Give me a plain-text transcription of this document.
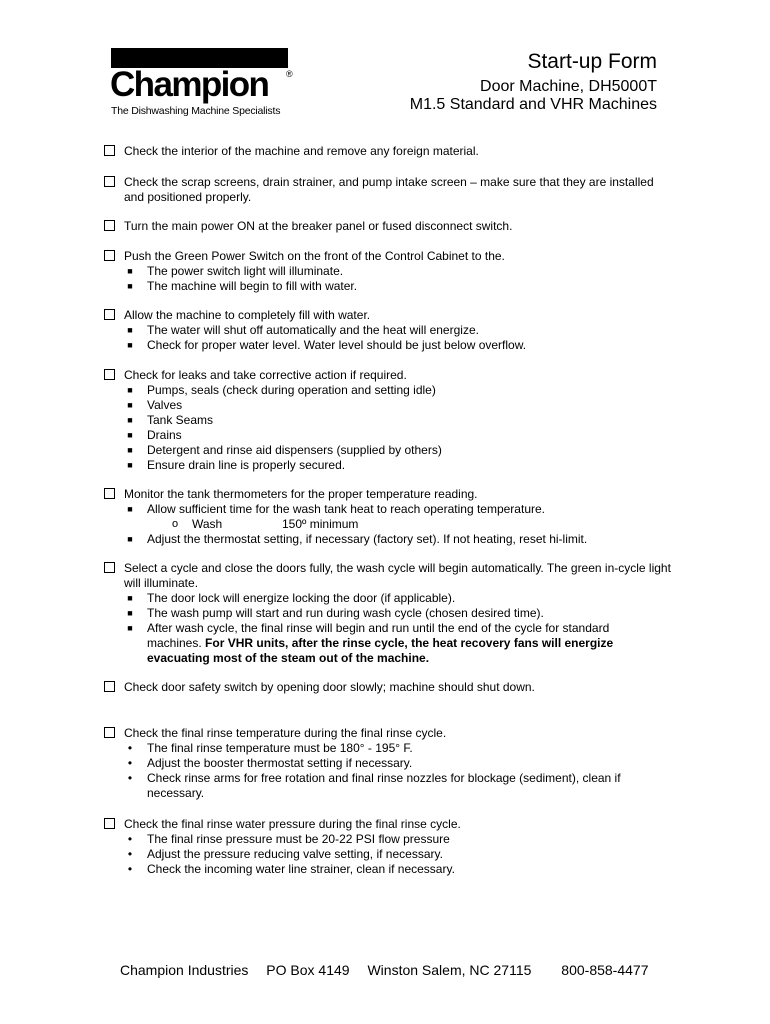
Champion ®
The Dishwashing Machine Specialists
Start-up Form
Door Machine, DH5000T
M1.5 Standard and VHR Machines
Check the interior of the machine and remove any foreign material.
Check the scrap screens, drain strainer, and pump intake screen – make sure that they are installed and positioned properly.
Turn the main power ON at the breaker panel or fused disconnect switch.
Push the Green Power Switch on the front of the Control Cabinet to the.
■ The power switch light will illuminate.
■ The machine will begin to fill with water.
Allow the machine to completely fill with water.
■ The water will shut off automatically and the heat will energize.
■ Check for proper water level. Water level should be just below overflow.
Check for leaks and take corrective action if required.
■ Pumps, seals (check during operation and setting idle)
■ Valves
■ Tank Seams
■ Drains
■ Detergent and rinse aid dispensers (supplied by others)
■ Ensure drain line is properly secured.
Monitor the tank thermometers for the proper temperature reading.
■ Allow sufficient time for the wash tank heat to reach operating temperature.
o Wash	150º minimum
■ Adjust the thermostat setting, if necessary (factory set). If not heating, reset hi-limit.
Select a cycle and close the doors fully, the wash cycle will begin automatically. The green in-cycle light will illuminate.
■ The door lock will energize locking the door (if applicable).
■ The wash pump will start and run during wash cycle (chosen desired time).
■ After wash cycle, the final rinse will begin and run until the end of the cycle for standard machines. For VHR units, after the rinse cycle, the heat recovery fans will energize evacuating most of the steam out of the machine.
Check door safety switch by opening door slowly; machine should shut down.
Check the final rinse temperature during the final rinse cycle.
•	The final rinse temperature must be 180° - 195° F.
•	Adjust the booster thermostat setting if necessary.
•	Check rinse arms for free rotation and final rinse nozzles for blockage (sediment), clean if necessary.
Check the final rinse water pressure during the final rinse cycle.
•	The final rinse pressure must be 20-22 PSI flow pressure
•	Adjust the pressure reducing valve setting, if necessary.
•	Check the incoming water line strainer, clean if necessary.
Champion Industries PO Box 4149 Winston Salem, NC 27115 800-858-4477
